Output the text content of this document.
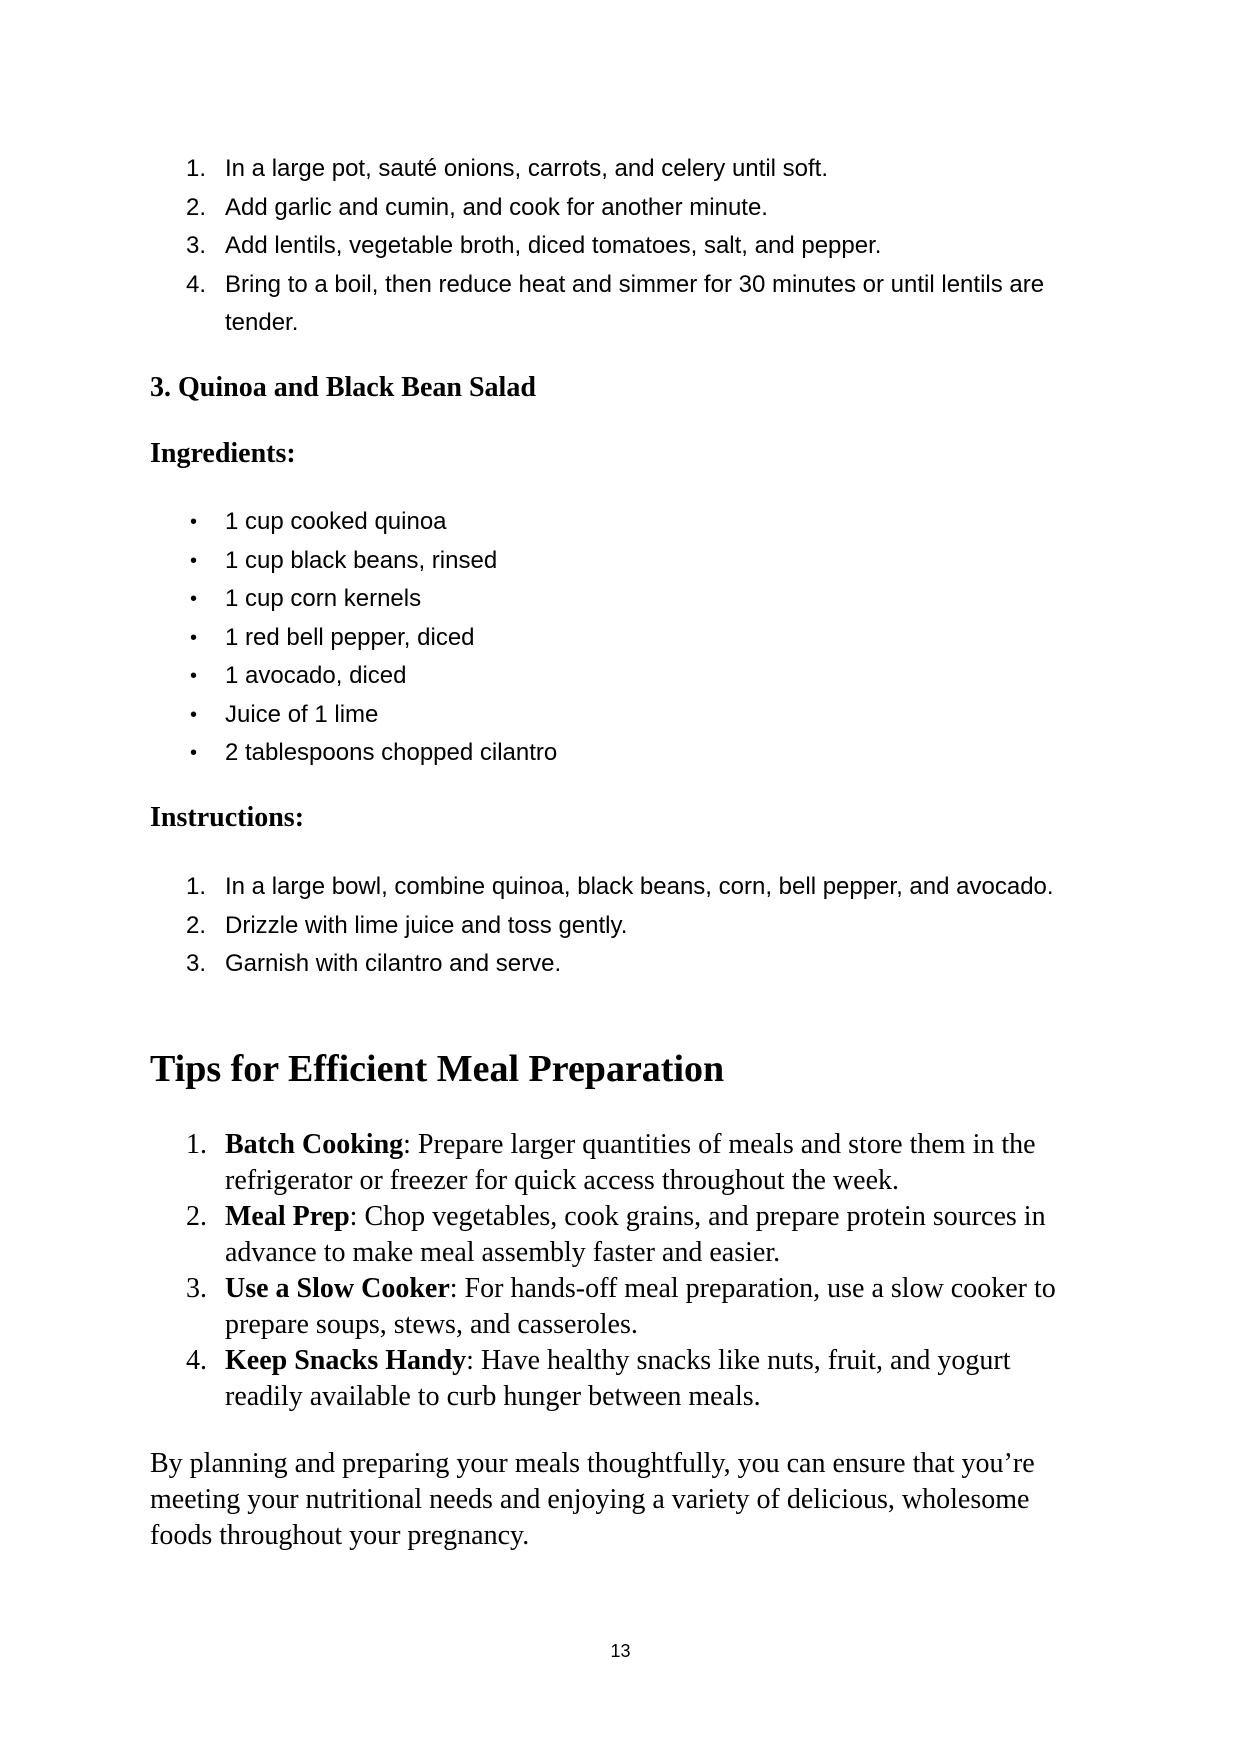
1. In a large pot, sauté onions, carrots, and celery until soft.
2. Add garlic and cumin, and cook for another minute.
3. Add lentils, vegetable broth, diced tomatoes, salt, and pepper.
4. Bring to a boil, then reduce heat and simmer for 30 minutes or until lentils are tender.
3. Quinoa and Black Bean Salad
Ingredients:
• 1 cup cooked quinoa
• 1 cup black beans, rinsed
• 1 cup corn kernels
• 1 red bell pepper, diced
• 1 avocado, diced
• Juice of 1 lime
• 2 tablespoons chopped cilantro
Instructions:
1. In a large bowl, combine quinoa, black beans, corn, bell pepper, and avocado.
2. Drizzle with lime juice and toss gently.
3. Garnish with cilantro and serve.
Tips for Efficient Meal Preparation
1. Batch Cooking: Prepare larger quantities of meals and store them in the refrigerator or freezer for quick access throughout the week.
2. Meal Prep: Chop vegetables, cook grains, and prepare protein sources in advance to make meal assembly faster and easier.
3. Use a Slow Cooker: For hands-off meal preparation, use a slow cooker to prepare soups, stews, and casseroles.
4. Keep Snacks Handy: Have healthy snacks like nuts, fruit, and yogurt readily available to curb hunger between meals.
By planning and preparing your meals thoughtfully, you can ensure that you’re meeting your nutritional needs and enjoying a variety of delicious, wholesome foods throughout your pregnancy.
13
